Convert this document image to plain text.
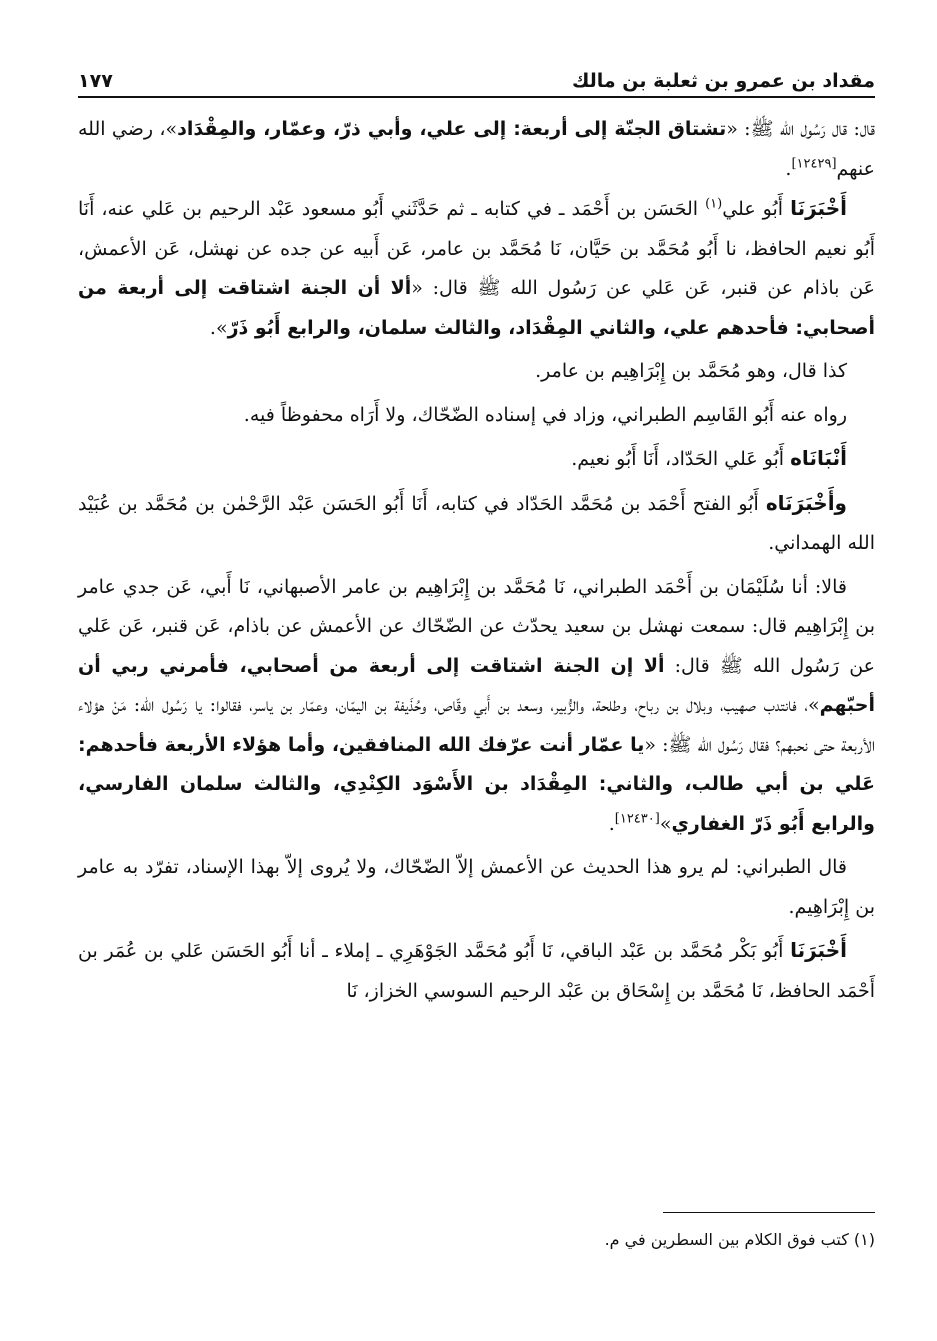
مقداد بن عمرو بن ثعلبة بن مالك
١٧٧

قال: قال رَسُول الله ﷺ: «تشتاق الجنّة إلى أربعة: إلى علي، وأبي ذرّ، وعمّار، والمِقْدَاد»، رضي الله عنهم[١٢٤٢٩].

أَخْبَرَنَا أَبُو علي$^{(١)}$ الحَسَن بن أَحْمَد ـ في كتابه ـ ثم حَدَّثَني أَبُو مسعود عَبْد الرحيم بن عَلي عنه، أَنَا أَبُو نعيم الحافظ، نا أَبُو مُحَمَّد بن حَيَّان، نَا مُحَمَّد بن عامر، عَن أَبيه عن جده عن نهشل، عَن الأعمش، عَن باذام عن قنبر، عَن عَلي عن رَسُول الله ﷺ قال: «ألا أن الجنة اشتاقت إلى أربعة من أصحابي: فأحدهم علي، والثاني المِقْدَاد، والثالث سلمان، والرابع أَبُو ذَرّ».

كذا قال، وهو مُحَمَّد بن إِبْرَاهِيم بن عامر.

رواه عنه أَبُو القَاسِم الطبراني، وزاد في إسناده الضّحّاك، ولا أَرَاه محفوظاً فيه.

أَنْبَانَاه أَبُو عَلي الحَدّاد، أَنَا أَبُو نعيم.

وأَخْبَرَنَاه أَبُو الفتح أَحْمَد بن مُحَمَّد الحَدّاد في كتابه، أَنَا أَبُو الحَسَن عَبْد الرَّحْمٰن بن مُحَمَّد بن عُبَيْد الله الهمداني.

قالا: أنا سُلَيْمَان بن أَحْمَد الطبراني، نَا مُحَمَّد بن إِبْرَاهِيم بن عامر الأصبهاني، نَا أَبي، عَن جدي عامر بن إِبْرَاهِيم قال: سمعت نهشل بن سعيد يحدّث عن الضّحّاك عن الأعمش عن باذام، عَن قنبر، عَن عَلي عن رَسُول الله ﷺ قال: ألا إن الجنة اشتاقت إلى أربعة من أصحابي، فأمرني ربي أن أحبّهم»، فانتدب صهيب، وبلال بن رباح، وطلحة، والزُّبير، وسعد بن أَبي وقّاص، وحُذَيفة بن اليمّان، وعمّار بن ياسر، فقالوا: يا رَسُول الله: مَنْ هؤلاء الأربعة حتى نحبهم؟ فقال رَسُول الله ﷺ: «يا عمّار أنت عرّفك الله المنافقين، وأما هؤلاء الأربعة فأحدهم: عَلي بن أبي طالب، والثاني: المِقْدَاد بن الأَسْوَد الكِنْدِي، والثالث سلمان الفارسي، والرابع أَبُو ذَرّ الغفاري»[١٢٤٣٠].

قال الطبراني: لم يرو هذا الحديث عن الأعمش إلاّ الضّحّاك، ولا يُروى إلاّ بهذا الإسناد، تفرّد به عامر بن إِبْرَاهِيم.

أَخْبَرَنَا أَبُو بَكْر مُحَمَّد بن عَبْد الباقي، نَا أَبُو مُحَمَّد الجَوْهَرِي ـ إملاء ـ أنا أَبُو الحَسَن عَلي بن عُمَر بن أَحْمَد الحافظ، نَا مُحَمَّد بن إِسْحَاق بن عَبْد الرحيم السوسي الخزاز، نَا

(١) كتب فوق الكلام بين السطرين في م.
